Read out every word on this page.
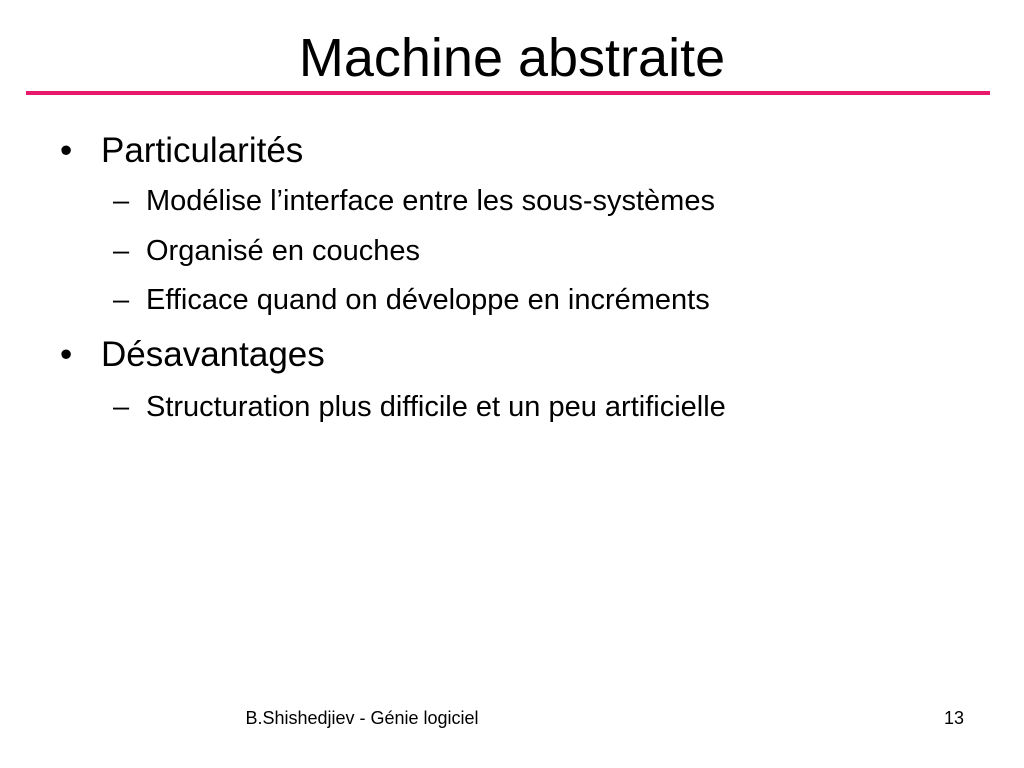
Machine abstraite
• Particularités
– Modélise l’interface entre les sous-systèmes
– Organisé en couches
– Efficace quand on développe en incréments
• Désavantages
– Structuration plus difficile et un peu artificielle
B.Shishedjiev - Génie logiciel	13
